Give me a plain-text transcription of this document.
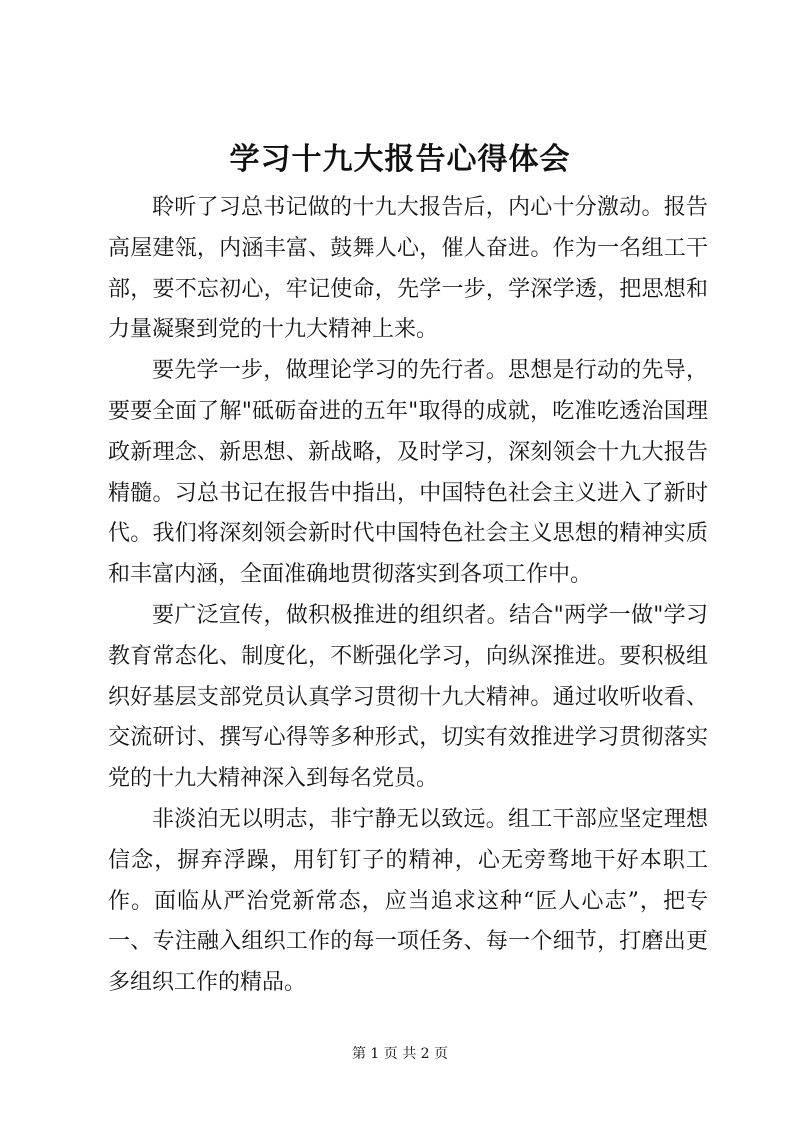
学习十九大报告心得体会

聆听了习总书记做的十九大报告后，内心十分激动。报告高屋建瓴，内涵丰富、鼓舞人心，催人奋进。作为一名组工干部，要不忘初心，牢记使命，先学一步，学深学透，把思想和力量凝聚到党的十九大精神上来。

要先学一步，做理论学习的先行者。思想是行动的先导，要要全面了解"砥砺奋进的五年"取得的成就，吃准吃透治国理政新理念、新思想、新战略，及时学习，深刻领会十九大报告精髓。习总书记在报告中指出，中国特色社会主义进入了新时代。我们将深刻领会新时代中国特色社会主义思想的精神实质和丰富内涵，全面准确地贯彻落实到各项工作中。

要广泛宣传，做积极推进的组织者。结合"两学一做"学习教育常态化、制度化，不断强化学习，向纵深推进。要积极组织好基层支部党员认真学习贯彻十九大精神。通过收听收看、交流研讨、撰写心得等多种形式，切实有效推进学习贯彻落实党的十九大精神深入到每名党员。

非淡泊无以明志，非宁静无以致远。组工干部应坚定理想信念，摒弃浮躁，用钉钉子的精神，心无旁骛地干好本职工作。面临从严治党新常态，应当追求这种“匠人心志”，把专一、专注融入组织工作的每一项任务、每一个细节，打磨出更多组织工作的精品。

第 1 页 共 2 页
